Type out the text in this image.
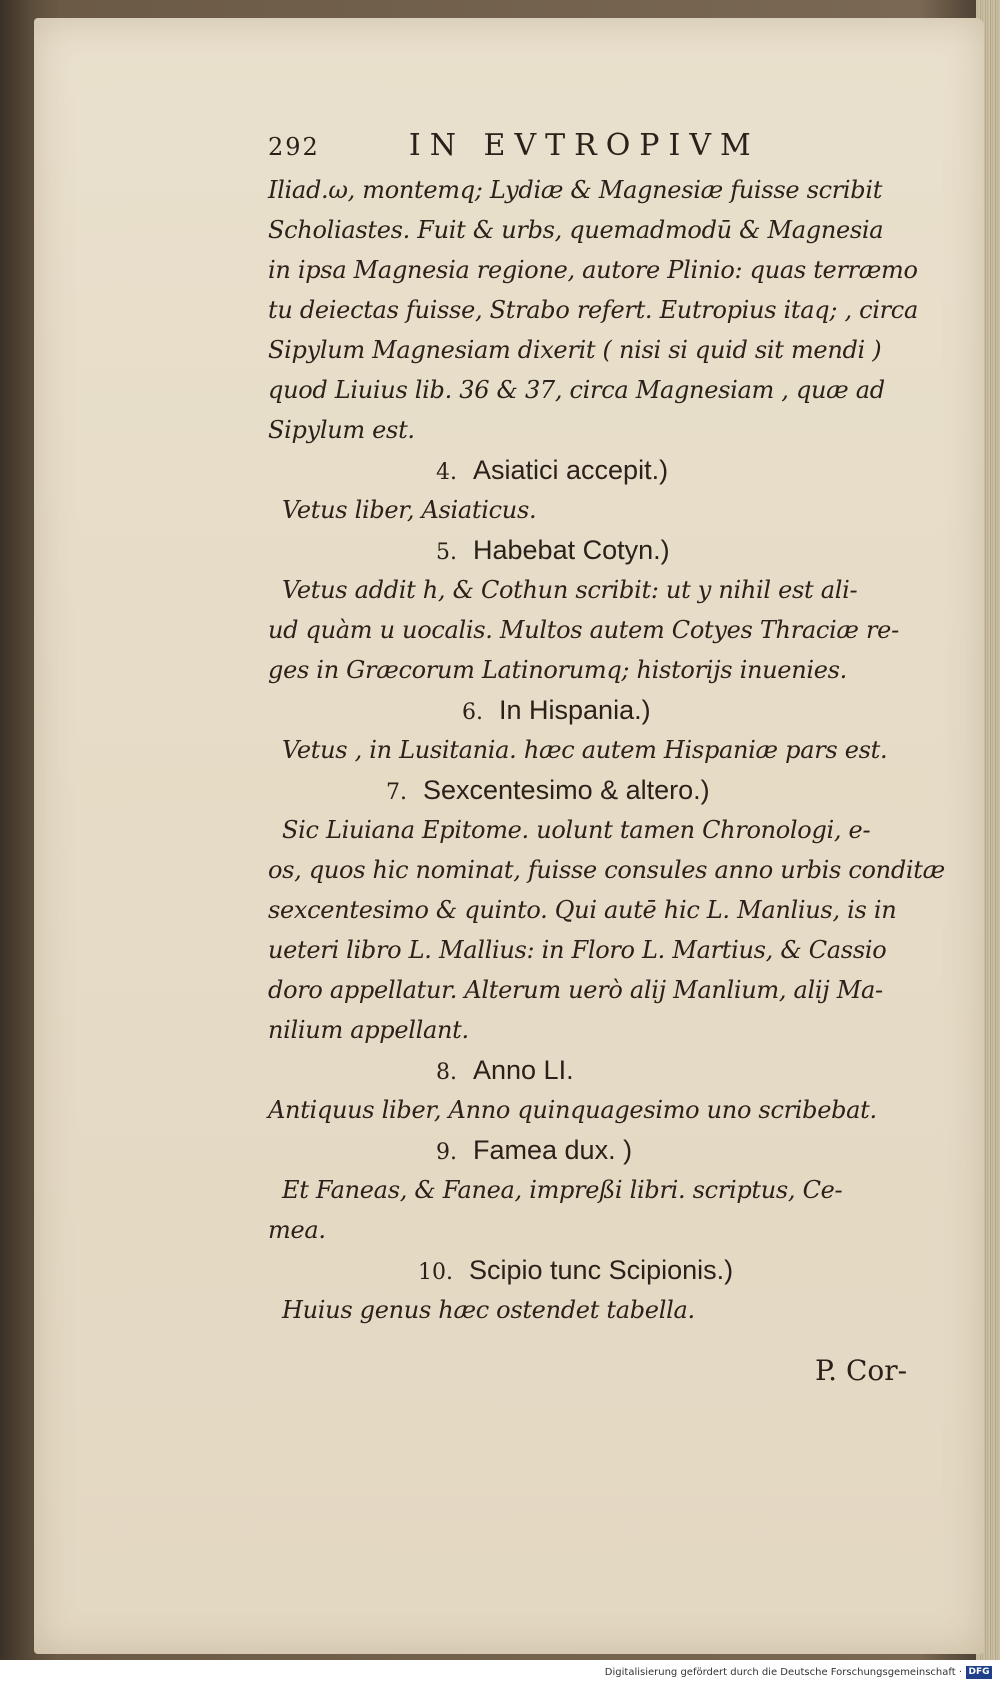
292	IN EVTROPIVM
Iliad.ω, montemq; Lydiæ & Magnesiæ fuisse scribit
Scholiastes. Fuit & urbs, quemadmodū & Magnesia
in ipsa Magnesia regione, autore Plinio: quas terræmo
tu deiectas fuisse, Strabo refert. Eutropius itaq; , circa
Sipylum Magnesiam dixerit ( nisi si quid sit mendi )
quod Liuius lib. 36 & 37, circa Magnesiam , quæ ad
Sipylum est.
4. Asiatici accepit.)
Vetus liber, Asiaticus.
5. Habebat Cotyn.)
Vetus addit h, & Cothun scribit: ut y nihil est ali-
ud quàm u uocalis. Multos autem Cotyes Thraciæ re-
ges in Græcorum Latinorumq; historijs inuenies.
6. In Hispania.)
Vetus , in Lusitania. hæc autem Hispaniæ pars est.
7. Sexcentesimo & altero.)
Sic Liuiana Epitome. uolunt tamen Chronologi, e-
os, quos hic nominat, fuisse consules anno urbis conditæ
sexcentesimo & quinto. Qui autē hic L. Manlius, is in
ueteri libro L. Mallius: in Floro L. Martius, & Cassio
doro appellatur. Alterum uerò alij Manlium, alij Ma-
nilium appellant.
8. Anno LI.
Antiquus liber, Anno quinquagesimo uno scribebat.
9. Famea dux. )
Et Faneas, & Fanea, impreßi libri. scriptus, Ce-
mea.
10. Scipio tunc Scipionis.)
Huius genus hæc ostendet tabella.
P. Cor-
Digitalisierung gefördert durch die Deutsche Forschungsgemeinschaft · DFG
